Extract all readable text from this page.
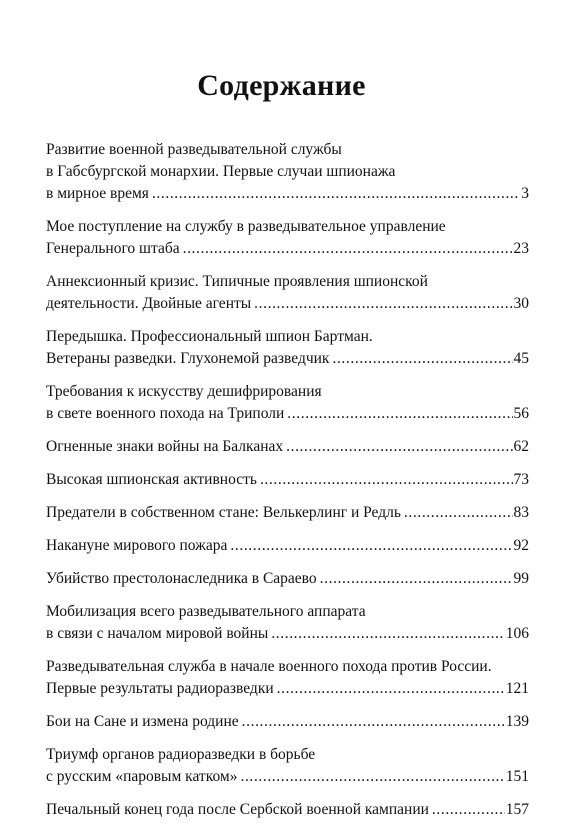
Содержание
Развитие военной разведывательной службы
в Габсбургской монархии. Первые случаи шпионажа
в мирное время .....	3
Мое поступление на службу в разведывательное управление
Генерального штаба .....	23
Аннексионный кризис. Типичные проявления шпионской
деятельности. Двойные агенты .....	30
Передышка. Профессиональный шпион Бартман.
Ветераны разведки. Глухонемой разведчик .....	45
Требования к искусству дешифрирования
в свете военного похода на Триполи .....	56
Огненные знаки войны на Балканах .....	62
Высокая шпионская активность .....	73
Предатели в собственном стане: Велькерлинг и Редль .....	83
Накануне мирового пожара .....	92
Убийство престолонаследника в Сараево .....	99
Мобилизация всего разведывательного аппарата
в связи с началом мировой войны .....	106
Разведывательная служба в начале военного похода против России.
Первые результаты радиоразведки .....	121
Бои на Сане и измена родине .....	139
Триумф органов радиоразведки в борьбе
с русским «паровым катком» .....	151
Печальный конец года после Сербской военной кампании .....	157
